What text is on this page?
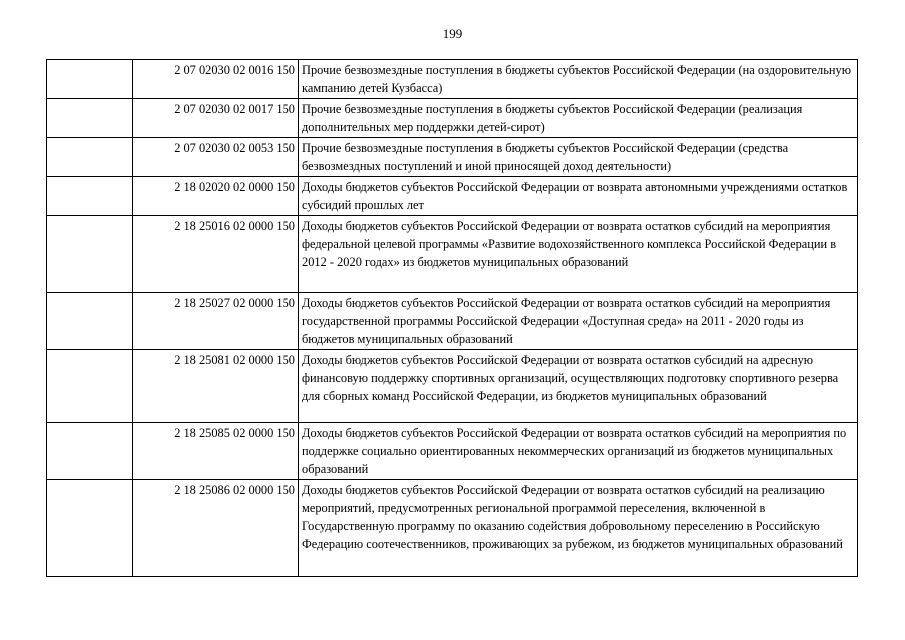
199
	2 07 02030 02 0016 150	Прочие безвозмездные поступления в бюджеты субъектов Российской Федерации (на оздоровительную кампанию детей Кузбасса)
	2 07 02030 02 0017 150	Прочие безвозмездные поступления в бюджеты субъектов Российской Федерации (реализация дополнительных мер поддержки детей-сирот)
	2 07 02030 02 0053 150	Прочие безвозмездные поступления в бюджеты субъектов Российской Федерации (средства безвозмездных поступлений и иной приносящей доход деятельности)
	2 18 02020 02 0000 150	Доходы бюджетов субъектов Российской Федерации от возврата автономными учреждениями остатков субсидий прошлых лет
	2 18 25016 02 0000 150	Доходы бюджетов субъектов Российской Федерации от возврата остатков субсидий на мероприятия федеральной целевой программы «Развитие водохозяйственного комплекса Российской Федерации в 2012 - 2020 годах» из бюджетов муниципальных образований
	2 18 25027 02 0000 150	Доходы бюджетов субъектов Российской Федерации от возврата остатков субсидий на мероприятия государственной программы Российской Федерации «Доступная среда» на 2011 - 2020 годы из бюджетов муниципальных образований
	2 18 25081 02 0000 150	Доходы бюджетов субъектов Российской Федерации от возврата остатков субсидий на адресную финансовую поддержку спортивных организаций, осуществляющих подготовку спортивного резерва для сборных команд Российской Федерации, из бюджетов муниципальных образований
	2 18 25085 02 0000 150	Доходы бюджетов субъектов Российской Федерации от возврата остатков субсидий на мероприятия по поддержке социально ориентированных некоммерческих организаций из бюджетов муниципальных образований
	2 18 25086 02 0000 150	Доходы бюджетов субъектов Российской Федерации от возврата остатков субсидий на реализацию мероприятий, предусмотренных региональной программой переселения, включенной в Государственную программу по оказанию содействия добровольному переселению в Российскую Федерацию соотечественников, проживающих за рубежом, из бюджетов муниципальных образований
